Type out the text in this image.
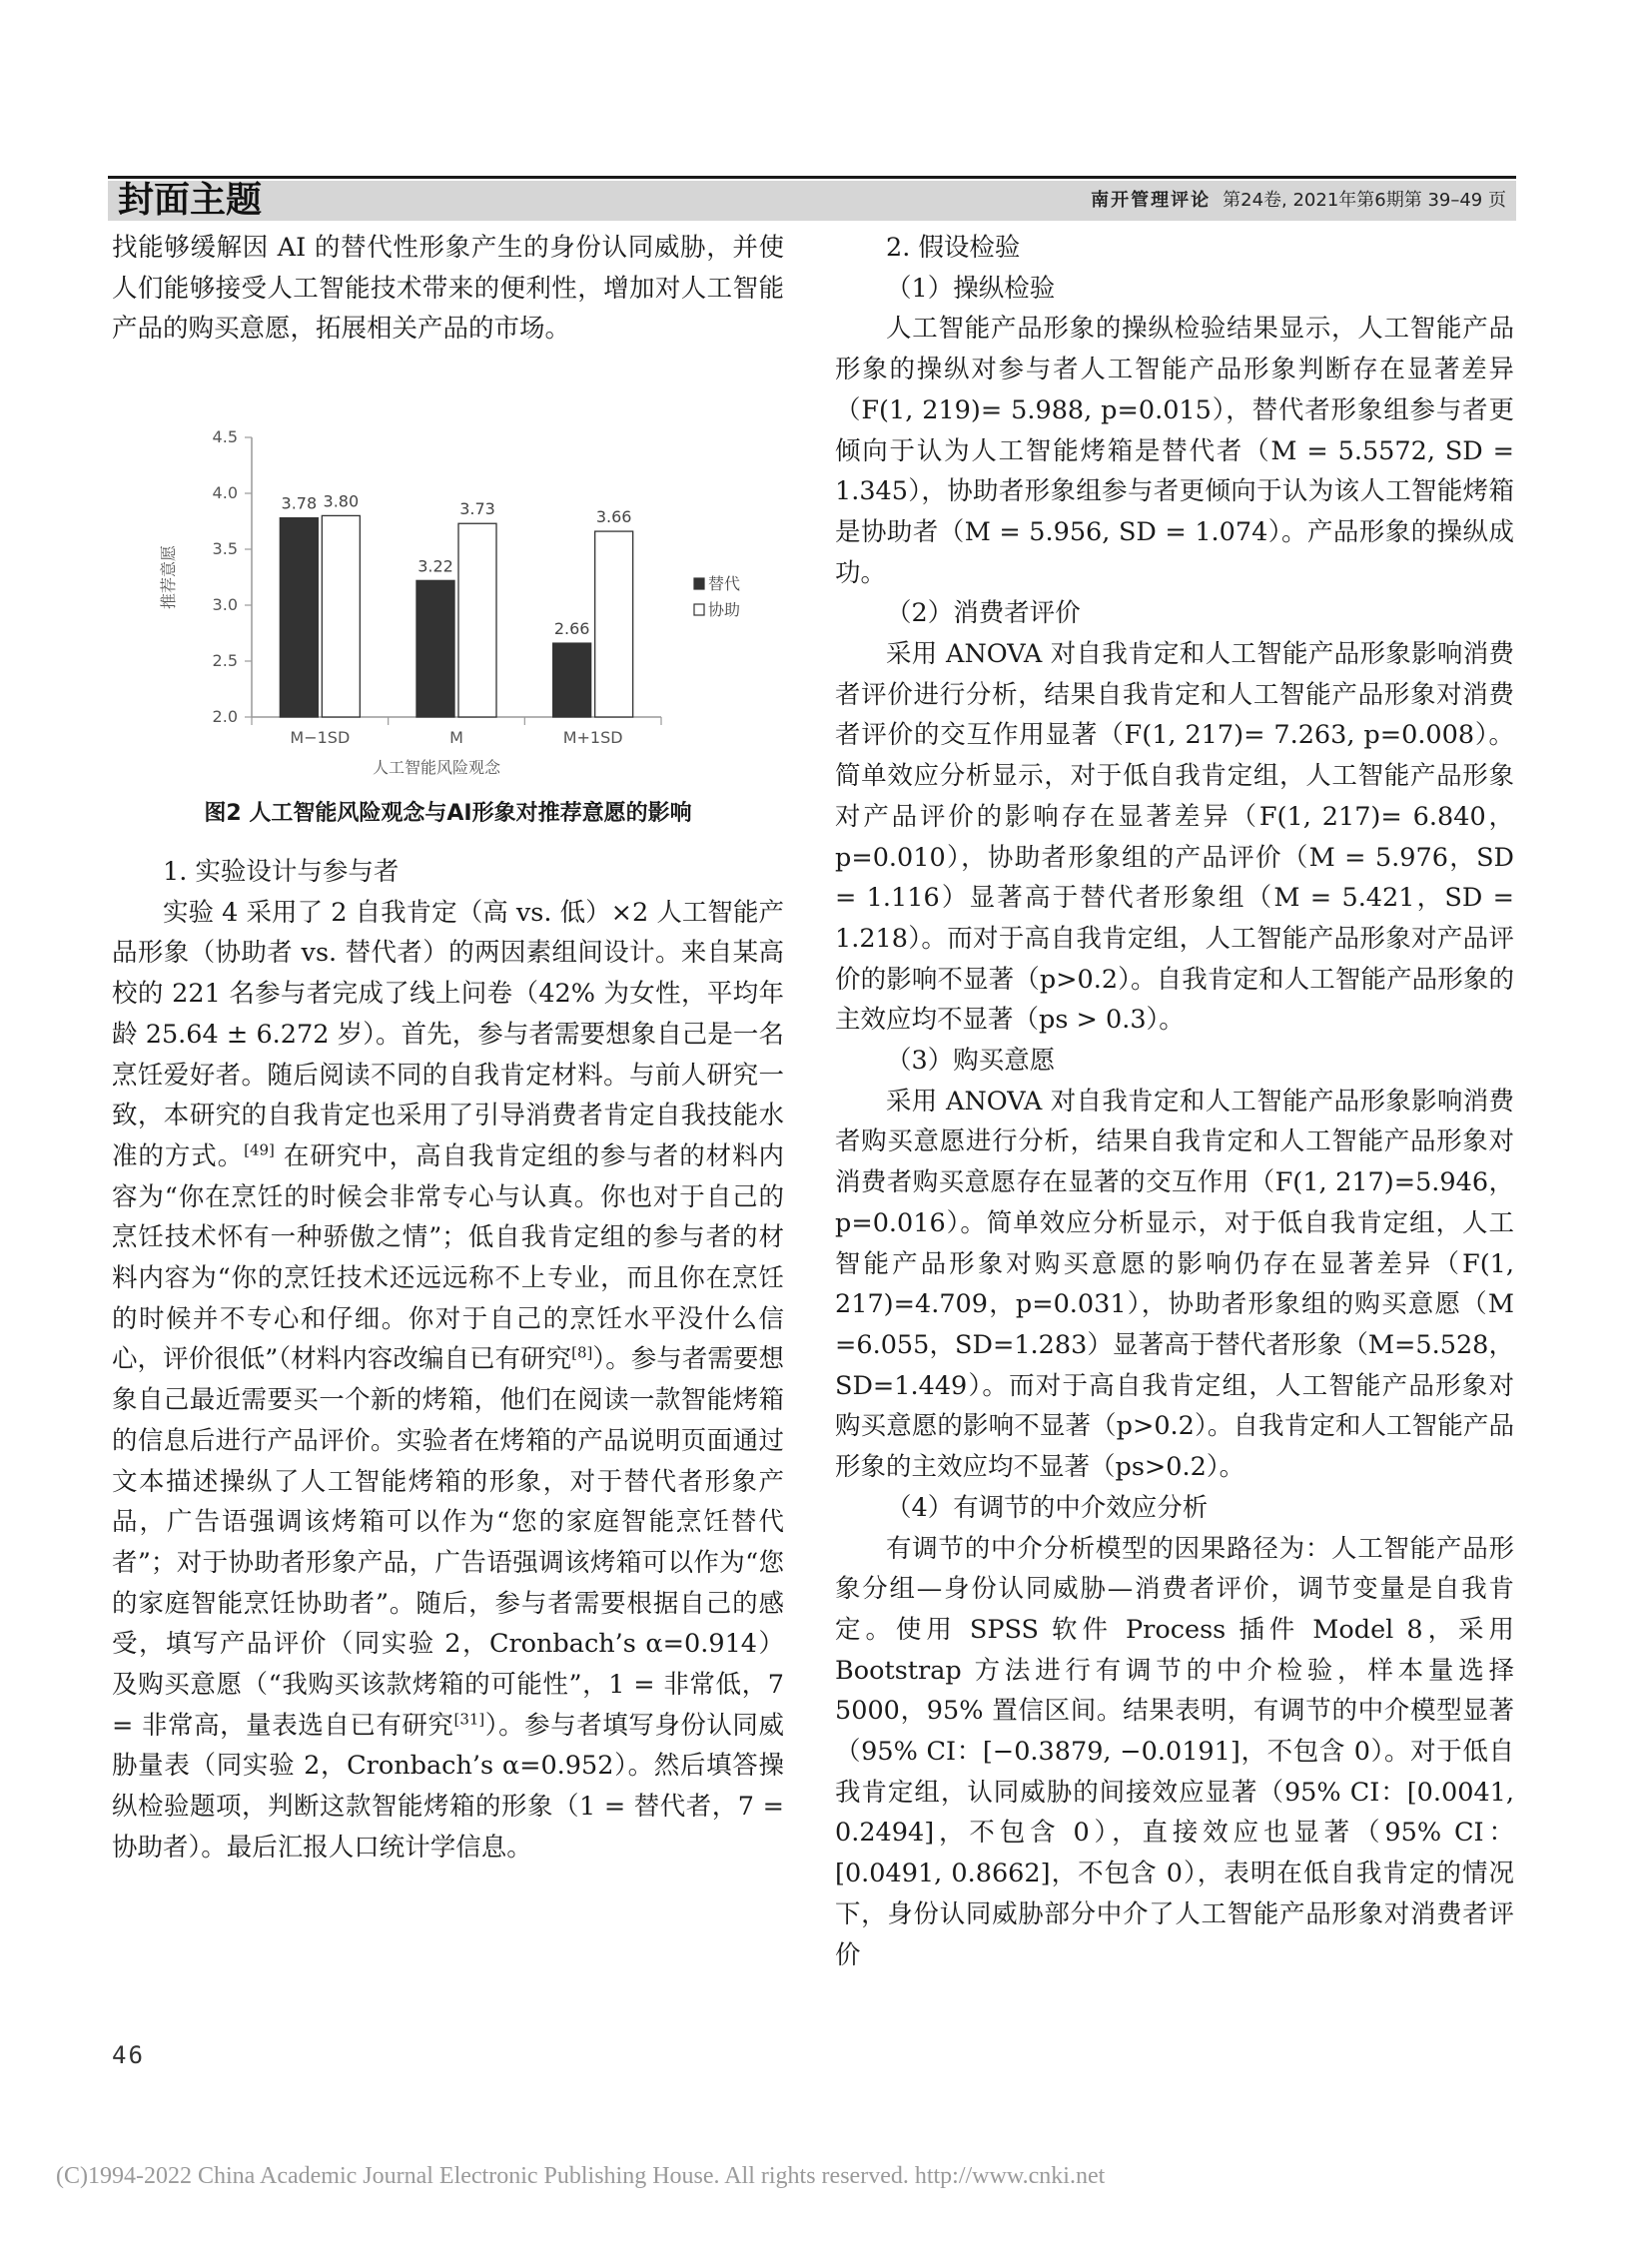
封面主题	南开管理评论 第24卷, 2021年第6期第 39–49 页

找能够缓解因 AI 的替代性形象产生的身份认同威胁，并使人们能够接受人工智能技术带来的便利性，增加对人工智能产品的购买意愿，拓展相关产品的市场。

2.0
2.5
3.0
3.5
4.0
4.5
M−1SD
3.78 3.80
M
3.22
3.73
M+1SD
2.66
3.66
人工智能风险观念
推荐意愿	替代
协助
图2 人工智能风险观念与AI形象对推荐意愿的影响

1. 实验设计与参与者

实验 4 采用了 2 自我肯定（高 vs. 低）×2 人工智能产品形象（协助者 vs. 替代者）的两因素组间设计。来自某高校的 221 名参与者完成了线上问卷（42% 为女性，平均年龄 25.64 ± 6.272 岁）。首先，参与者需要想象自己是一名烹饪爱好者。随后阅读不同的自我肯定材料。与前人研究一致，本研究的自我肯定也采用了引导消费者肯定自我技能水准的方式。[49] 在研究中，高自我肯定组的参与者的材料内容为“你在烹饪的时候会非常专心与认真。你也对于自己的烹饪技术怀有一种骄傲之情”；低自我肯定组的参与者的材料内容为“你的烹饪技术还远远称不上专业，而且你在烹饪的时候并不专心和仔细。你对于自己的烹饪水平没什么信心，评价很低”（材料内容改编自已有研究[8]）。参与者需要想象自己最近需要买一个新的烤箱，他们在阅读一款智能烤箱的信息后进行产品评价。实验者在烤箱的产品说明页面通过文本描述操纵了人工智能烤箱的形象，对于替代者形象产品，广告语强调该烤箱可以作为“您的家庭智能烹饪替代者”；对于协助者形象产品，广告语强调该烤箱可以作为“您的家庭智能烹饪协助者”。随后，参与者需要根据自己的感受，填写产品评价（同实验 2，Cronbach’s α=0.914）及购买意愿（“我购买该款烤箱的可能性”，1 = 非常低，7 = 非常高，量表选自已有研究[31]）。参与者填写身份认同威胁量表（同实验 2，Cronbach’s α=0.952）。然后填答操纵检验题项，判断这款智能烤箱的形象（1 = 替代者，7 = 协助者）。最后汇报人口统计学信息。

2. 假设检验

（1）操纵检验

人工智能产品形象的操纵检验结果显示，人工智能产品形象的操纵对参与者人工智能产品形象判断存在显著差异（F(1, 219)= 5.988, p=0.015），替代者形象组参与者更倾向于认为人工智能烤箱是替代者（M = 5.5572, SD = 1.345），协助者形象组参与者更倾向于认为该人工智能烤箱是协助者（M = 5.956, SD = 1.074）。产品形象的操纵成功。

（2）消费者评价

采用 ANOVA 对自我肯定和人工智能产品形象影响消费者评价进行分析，结果自我肯定和人工智能产品形象对消费者评价的交互作用显著（F(1, 217)= 7.263, p=0.008）。简单效应分析显示，对于低自我肯定组，人工智能产品形象对产品评价的影响存在显著差异（F(1, 217)= 6.840，p=0.010），协助者形象组的产品评价（M = 5.976，SD = 1.116）显著高于替代者形象组（M = 5.421，SD = 1.218）。而对于高自我肯定组，人工智能产品形象对产品评价的影响不显著（p>0.2）。自我肯定和人工智能产品形象的主效应均不显著（ps > 0.3）。

（3）购买意愿

采用 ANOVA 对自我肯定和人工智能产品形象影响消费者购买意愿进行分析，结果自我肯定和人工智能产品形象对消费者购买意愿存在显著的交互作用（F(1, 217)=5.946，p=0.016）。简单效应分析显示，对于低自我肯定组，人工智能产品形象对购买意愿的影响仍存在显著差异（F(1, 217)=4.709，p=0.031），协助者形象组的购买意愿（M =6.055，SD=1.283）显著高于替代者形象（M=5.528，SD=1.449）。而对于高自我肯定组，人工智能产品形象对购买意愿的影响不显著（p>0.2）。自我肯定和人工智能产品形象的主效应均不显著（ps>0.2）。

（4）有调节的中介效应分析

有调节的中介分析模型的因果路径为：人工智能产品形象分组—身份认同威胁—消费者评价，调节变量是自我肯定。使用 SPSS 软件 Process 插件 Model 8，采用 Bootstrap 方法进行有调节的中介检验，样本量选择 5000，95% 置信区间。结果表明，有调节的中介模型显著（95% CI：[−0.3879, −0.0191]，不包含 0）。对于低自我肯定组，认同威胁的间接效应显著（95% CI：[0.0041, 0.2494]，不包含 0），直接效应也显著（95% CI：[0.0491, 0.8662]，不包含 0），表明在低自我肯定的情况下，身份认同威胁部分中介了人工智能产品形象对消费者评价

46
(C)1994-2022 China Academic Journal Electronic Publishing House. All rights reserved. http://www.cnki.net
